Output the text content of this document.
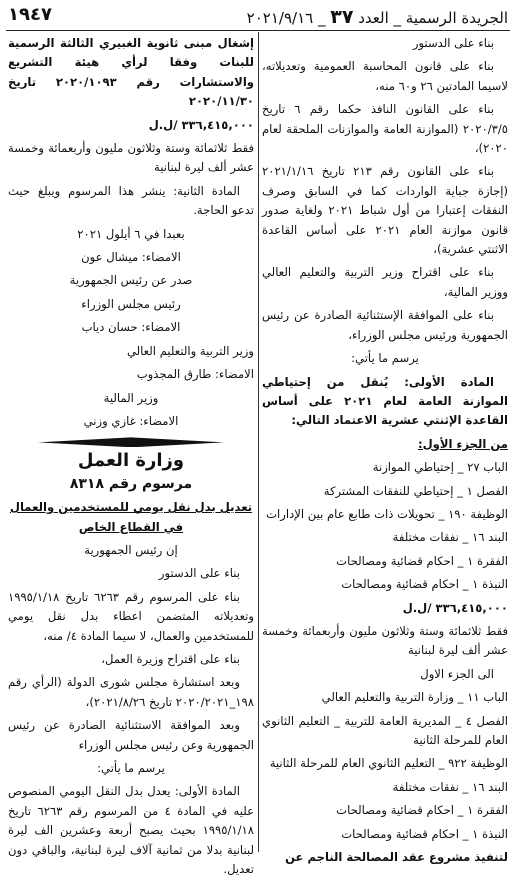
الجريدة الرسمية _ العدد ٣٧ _ ٢٠٢١/٩/١٦
١٩٤٧

بناء على الدستور

بناء على قانون المحاسبة العمومية وتعديلاته، لاسيما المادتين ٢٦ و٦٠ منه،

بناء على القانون النافذ حكما رقم ٦ تاريخ ٢٠٢٠/٣/٥ (الموازنة العامة والموازنات الملحقة لعام ٢٠٢٠)،

بناء على القانون رقم ٢١٣ تاريخ ٢٠٢١/١/١٦ (إجازة جباية الواردات كما في السابق وصرف النفقات إعتبارا من أول شباط ٢٠٢١ ولغاية صدور قانون موازنة العام ٢٠٢١ على أساس القاعدة الاثنتي عشرية)،

بناء على اقتراح وزير التربية والتعليم العالي ووزير المالية،

بناء على الموافقة الإستثنائية الصادرة عن رئيس الجمهورية ورئيس مجلس الوزراء،

يرسم ما يأتي:

المادة الأولى: يُنقل من إحتياطي الموازنة العامة لعام ٢٠٢١ على أساس القاعدة الإثنتي عشرية الاعتماد التالي:

من الجزء الأول:

الباب ٢٧ _ إحتياطي الموازنة

الفصل ١ _ إحتياطي للنفقات المشتركة

الوظيفة ١٩٠ _ تحويلات ذات طابع عام بين الإدارات

البند ١٦ _ نفقات مختلفة

الفقرة ١ _ احكام قضائية ومصالحات

النبذة ١ _ احكام قضائية ومصالحات

٣٣٦,٤١٥,٠٠٠ /ل.ل

فقط ثلاثمائة وستة وثلاثون مليون وأربعمائة وخمسة عشر ألف ليرة لبنانية

الى الجزء الاول

الباب ١١ _ وزارة التربية والتعليم العالي

الفصل ٤ _ المديرية العامة للتربية _ التعليم الثانوي العام للمرحلة الثانية

الوظيفة ٩٢٢ _ التعليم الثانوي العام للمرحلة الثانية

البند ١٦ _ نفقات مختلفة

الفقرة ١ _ احكام قضائية ومصالحات

النبذة ١ _ احكام قضائية ومصالحات

لتنفيذ مشروع عقد المصالحة الناجم عن

إشغال مبنى ثانوية الغبيري الثالثة الرسمية للبنات وفقا لرأي هيئة التشريع والاستشارات رقم ٢٠٢٠/١٠٩٣ تاريخ ٢٠٢٠/١١/٣٠

٣٣٦,٤١٥,٠٠٠ /ل.ل

فقط ثلاثمائة وستة وثلاثون مليون وأربعمائة وخمسة عشر ألف ليرة لبنانية

المادة الثانية: ينشر هذا المرسوم ويبلغ حيث تدعو الحاجة.

بعبدا في ٦ أيلول ٢٠٢١

الامضاء: ميشال عون

صدر عن رئيس الجمهورية

رئيس مجلس الوزراء

الامضاء: حسان دياب

وزير التربية والتعليم العالي

الامضاء: طارق المجذوب

وزير المالية

الامضاء: غازي وزني

وزارة العمل

مرسوم رقم ٨٣١٨

تعديل بدل نقل يومي للمستخدمين والعمال في القطاع الخاص

إن رئيس الجمهورية

بناء على الدستور

بناء على المرسوم رقم ٦٢٦٣ تاريخ ١٩٩٥/١/١٨ وتعديلاته المتضمن اعطاء بدل نقل يومي للمستخدمين والعمال، لا سيما المادة ٤/ منه،

بناء على اقتراح وزيرة العمل،

وبعد استشارة مجلس شورى الدولة (الرأي رقم ١٩٨_٢٠٢٠/٢٠٢١ تاريخ ٢٠٢١/٨/٢٦)،

وبعد الموافقة الاستثنائية الصادرة عن رئيس الجمهورية وعن رئيس مجلس الوزراء

يرسم ما يأتي:

المادة الأولى: يعدل بدل النقل اليومي المنصوص عليه في المادة ٤ من المرسوم رقم ٦٢٦٣ تاريخ ١٩٩٥/١/١٨ بحيث يصبح أربعة وعشرين الف ليرة لبنانية بدلا من ثمانية آلاف ليرة لبنانية، والباقي دون تعديل.
